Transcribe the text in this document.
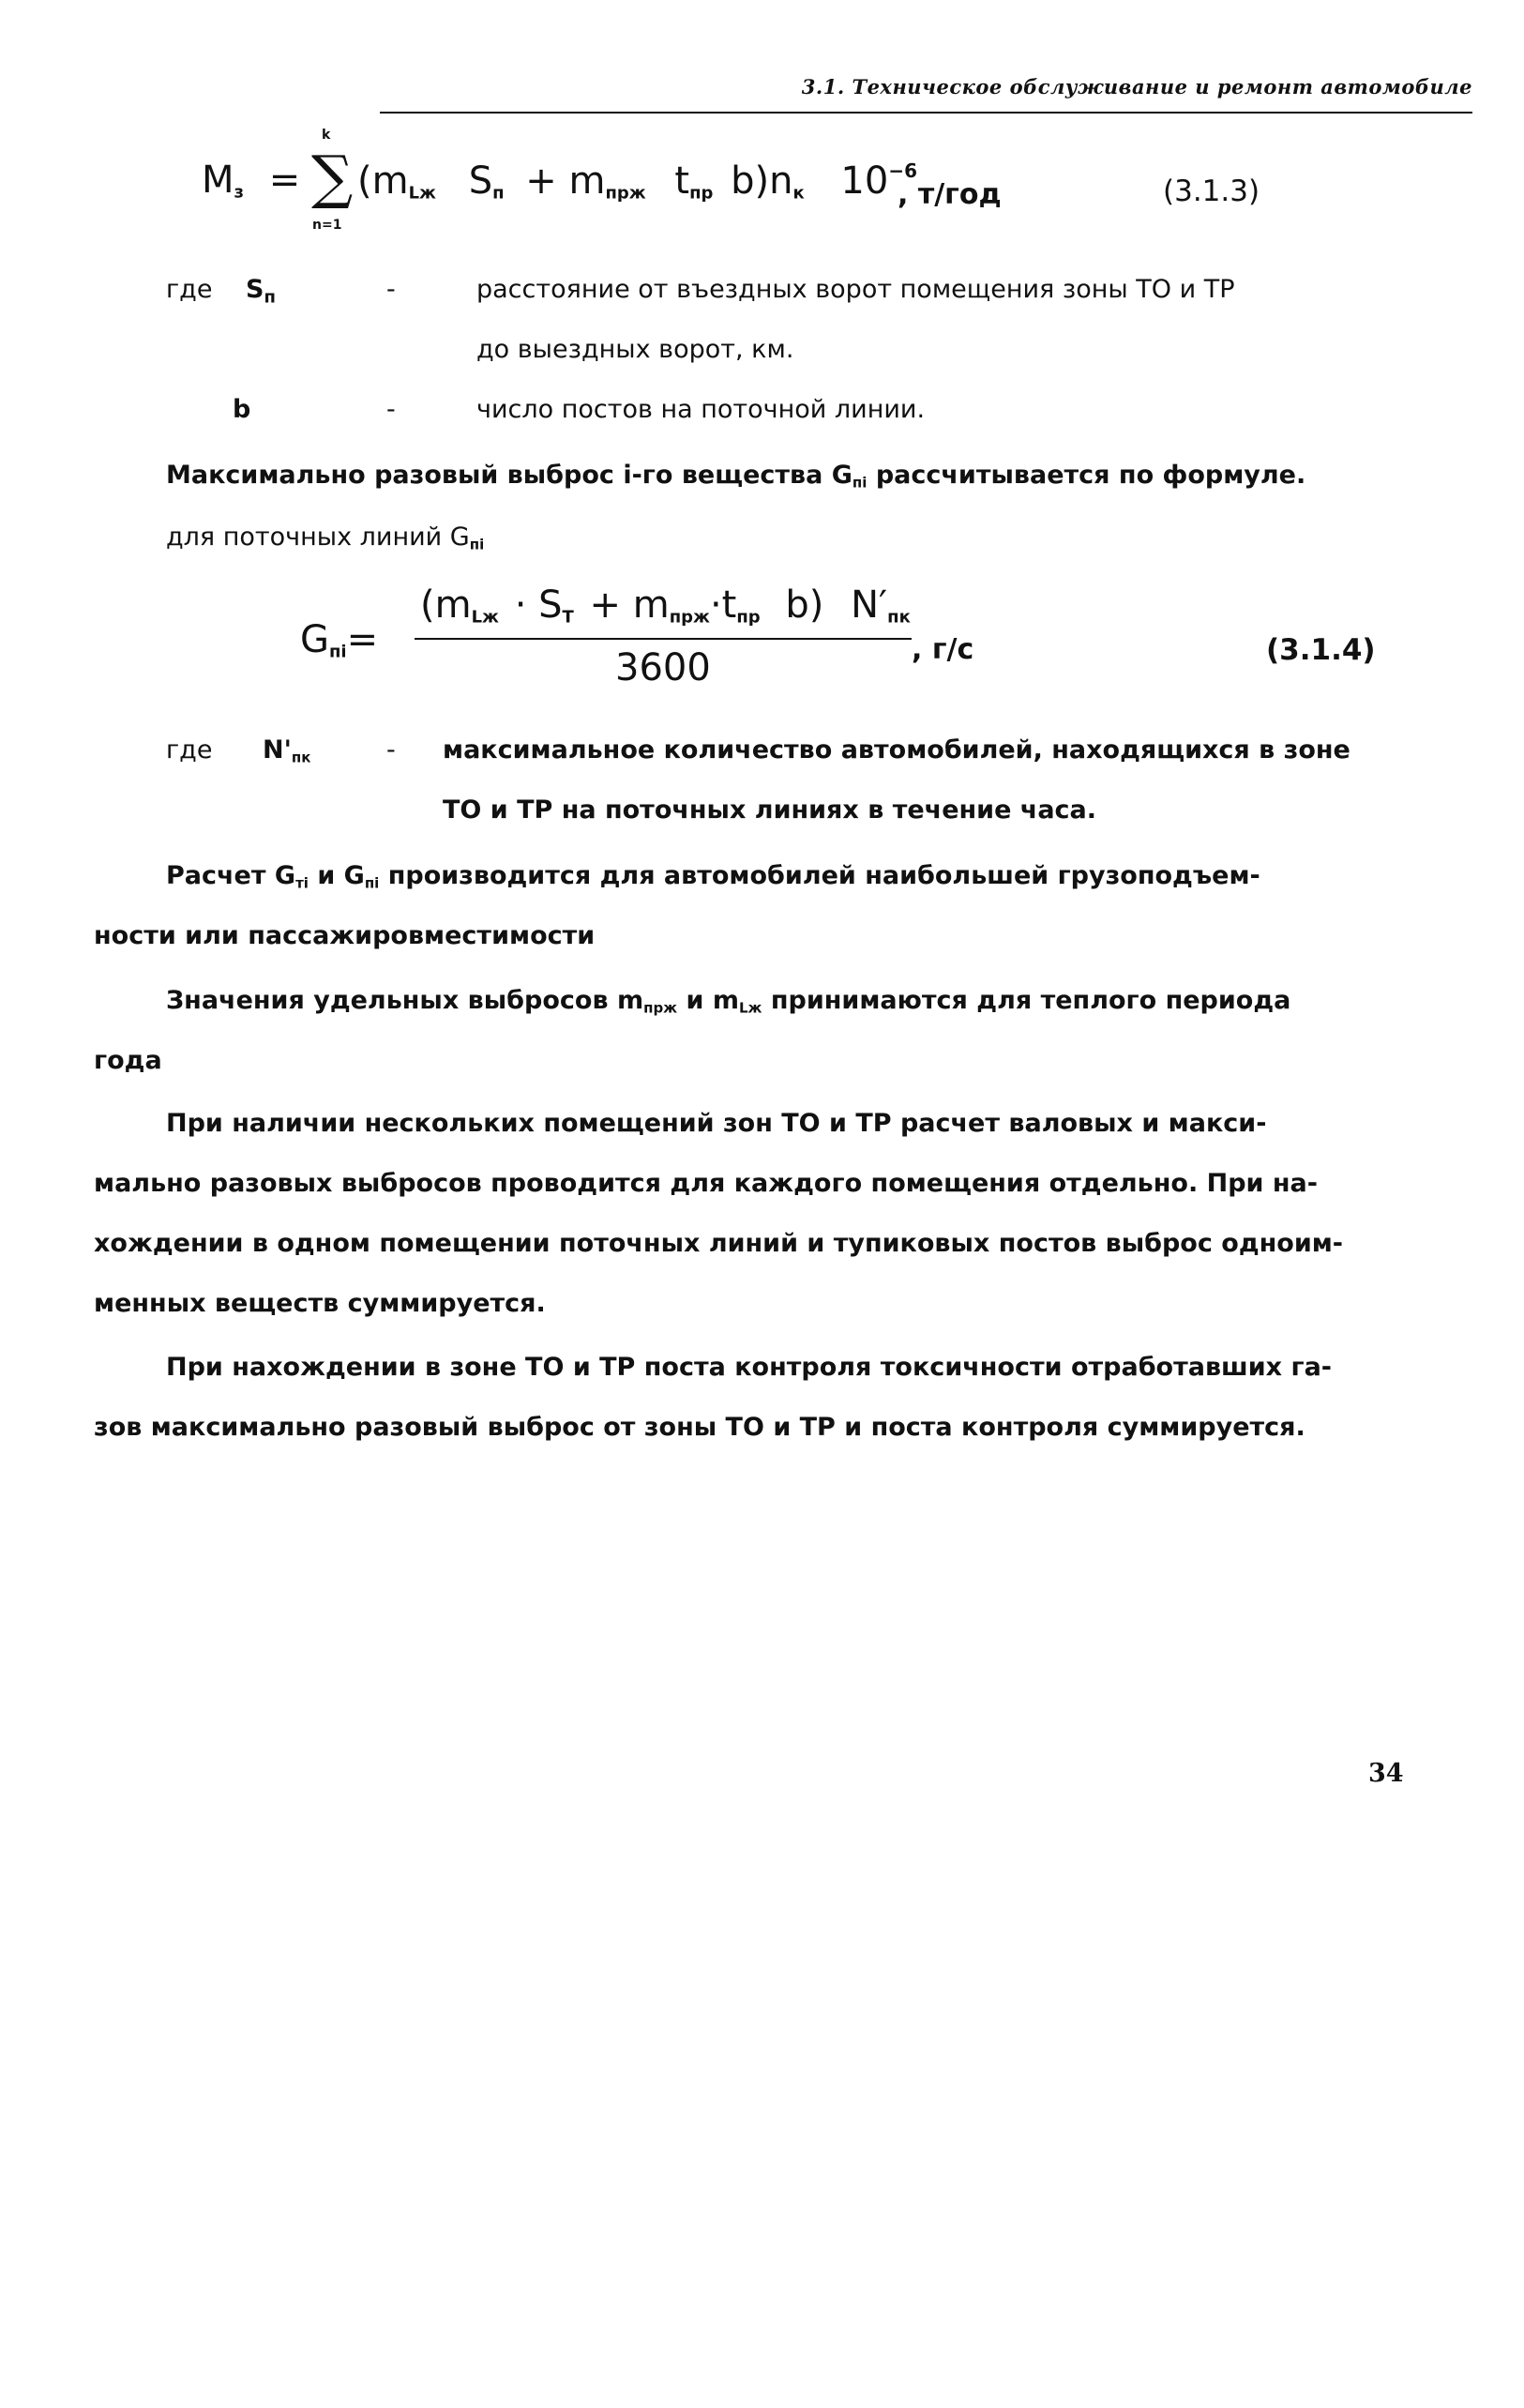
3.1. Техническое обслуживание и ремонт автомобиле
$M_з$ =
k
∑
n=1
($m_{Lж}$ $S_п + m_{прж}$ $t_{пр}$ $b)n_к$ $10^{-6}$
, т/год	(3.1.3)
где $S_п$	-	расстояние от въездных ворот помещения зоны ТО и ТР
до выездных ворот, км.
b	-	число постов на поточной линии.
Максимально разовый выброс i-го вещества $G_{пi}$ рассчитывается по формуле.
для поточных линий $G_{пi}$
$G_{пi}=$
($m_{Lж} \cdot S_T + m_{прж}\cdot t_{пр}$ b) $N'_{пк}$
3600	, г/с	(3.1.4)
где $N'_{пк}$	- максимальное количество автомобилей, находящихся в зоне
ТО и ТР на поточных линиях в течение часа.
Расчет $G_{тi}$ и $G_{пi}$ производится для автомобилей наибольшей грузоподъем-
ности или пассажировместимости
Значения удельных выбросов $m_{прж}$ и $m_{Lж}$ принимаются для теплого периода
года
При наличии нескольких помещений зон ТО и ТР расчет валовых и макси-
мально разовых выбросов проводится для каждого помещения отдельно. При на-
хождении в одном помещении поточных линий и тупиковых постов выброс одноим-
менных веществ суммируется.
При нахождении в зоне ТО и ТР поста контроля токсичности отработавших га-
зов максимально разовый выброс от зоны ТО и ТР и поста контроля суммируется.
34
